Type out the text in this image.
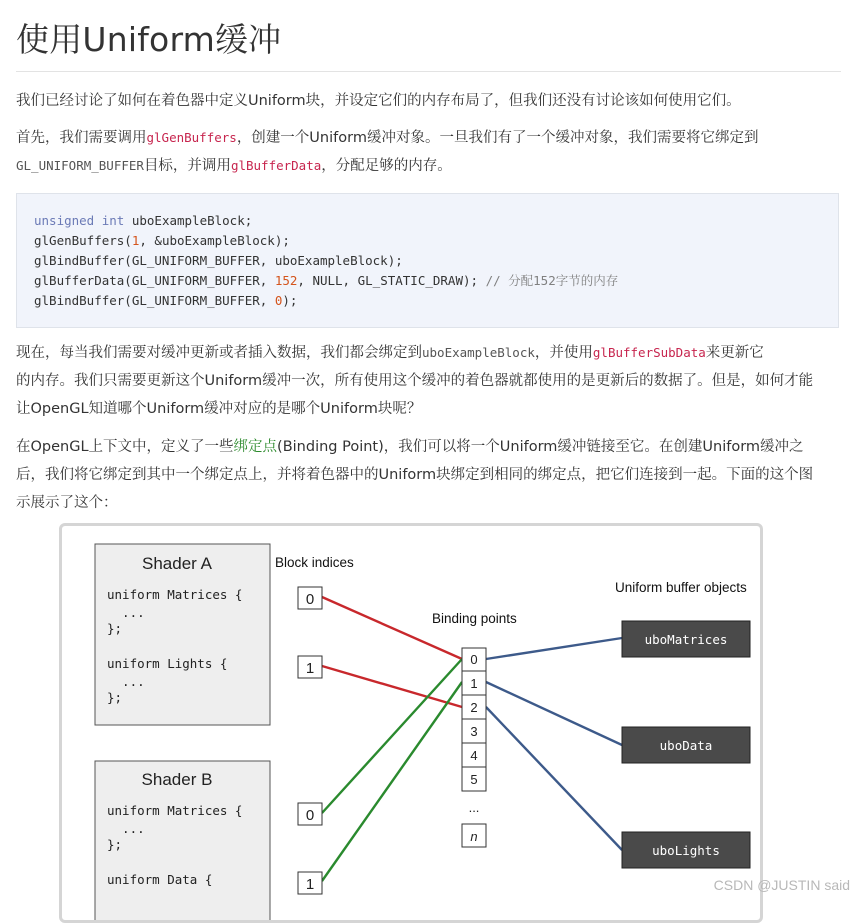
使用Uniform缓冲
我们已经讨论了如何在着色器中定义Uniform块，并设定它们的内存布局了，但我们还没有讨论该如何使用它们。
首先，我们需要调用glGenBuffers，创建一个Uniform缓冲对象。一旦我们有了一个缓冲对象，我们需要将它绑定到
GL_UNIFORM_BUFFER目标，并调用glBufferData，分配足够的内存。
unsigned int uboExampleBlock;
glGenBuffers(1, &uboExampleBlock);
glBindBuffer(GL_UNIFORM_BUFFER, uboExampleBlock);
glBufferData(GL_UNIFORM_BUFFER, 152, NULL, GL_STATIC_DRAW); // 分配152字节的内存
glBindBuffer(GL_UNIFORM_BUFFER, 0);
现在，每当我们需要对缓冲更新或者插入数据，我们都会绑定到uboExampleBlock，并使用glBufferSubData来更新它
的内存。我们只需要更新这个Uniform缓冲一次，所有使用这个缓冲的着色器就都使用的是更新后的数据了。但是，如何才能
让OpenGL知道哪个Uniform缓冲对应的是哪个Uniform块呢？
在OpenGL上下文中，定义了一些绑定点(Binding Point)，我们可以将一个Uniform缓冲链接至它。在创建Uniform缓冲之
后，我们将它绑定到其中一个绑定点上，并将着色器中的Uniform块绑定到相同的绑定点，把它们连接到一起。下面的这个图
示展示了这个：
Shader A
uniform Matrices {
...
};
uniform Lights {
...
};
Shader B
uniform Matrices {
...
};
uniform Data {
Block indices
Binding points
Uniform buffer objects
0
1
0
1
0
1
2
3
4
5
...
n
uboMatrices
uboData
uboLights
CSDN @JUSTIN said
